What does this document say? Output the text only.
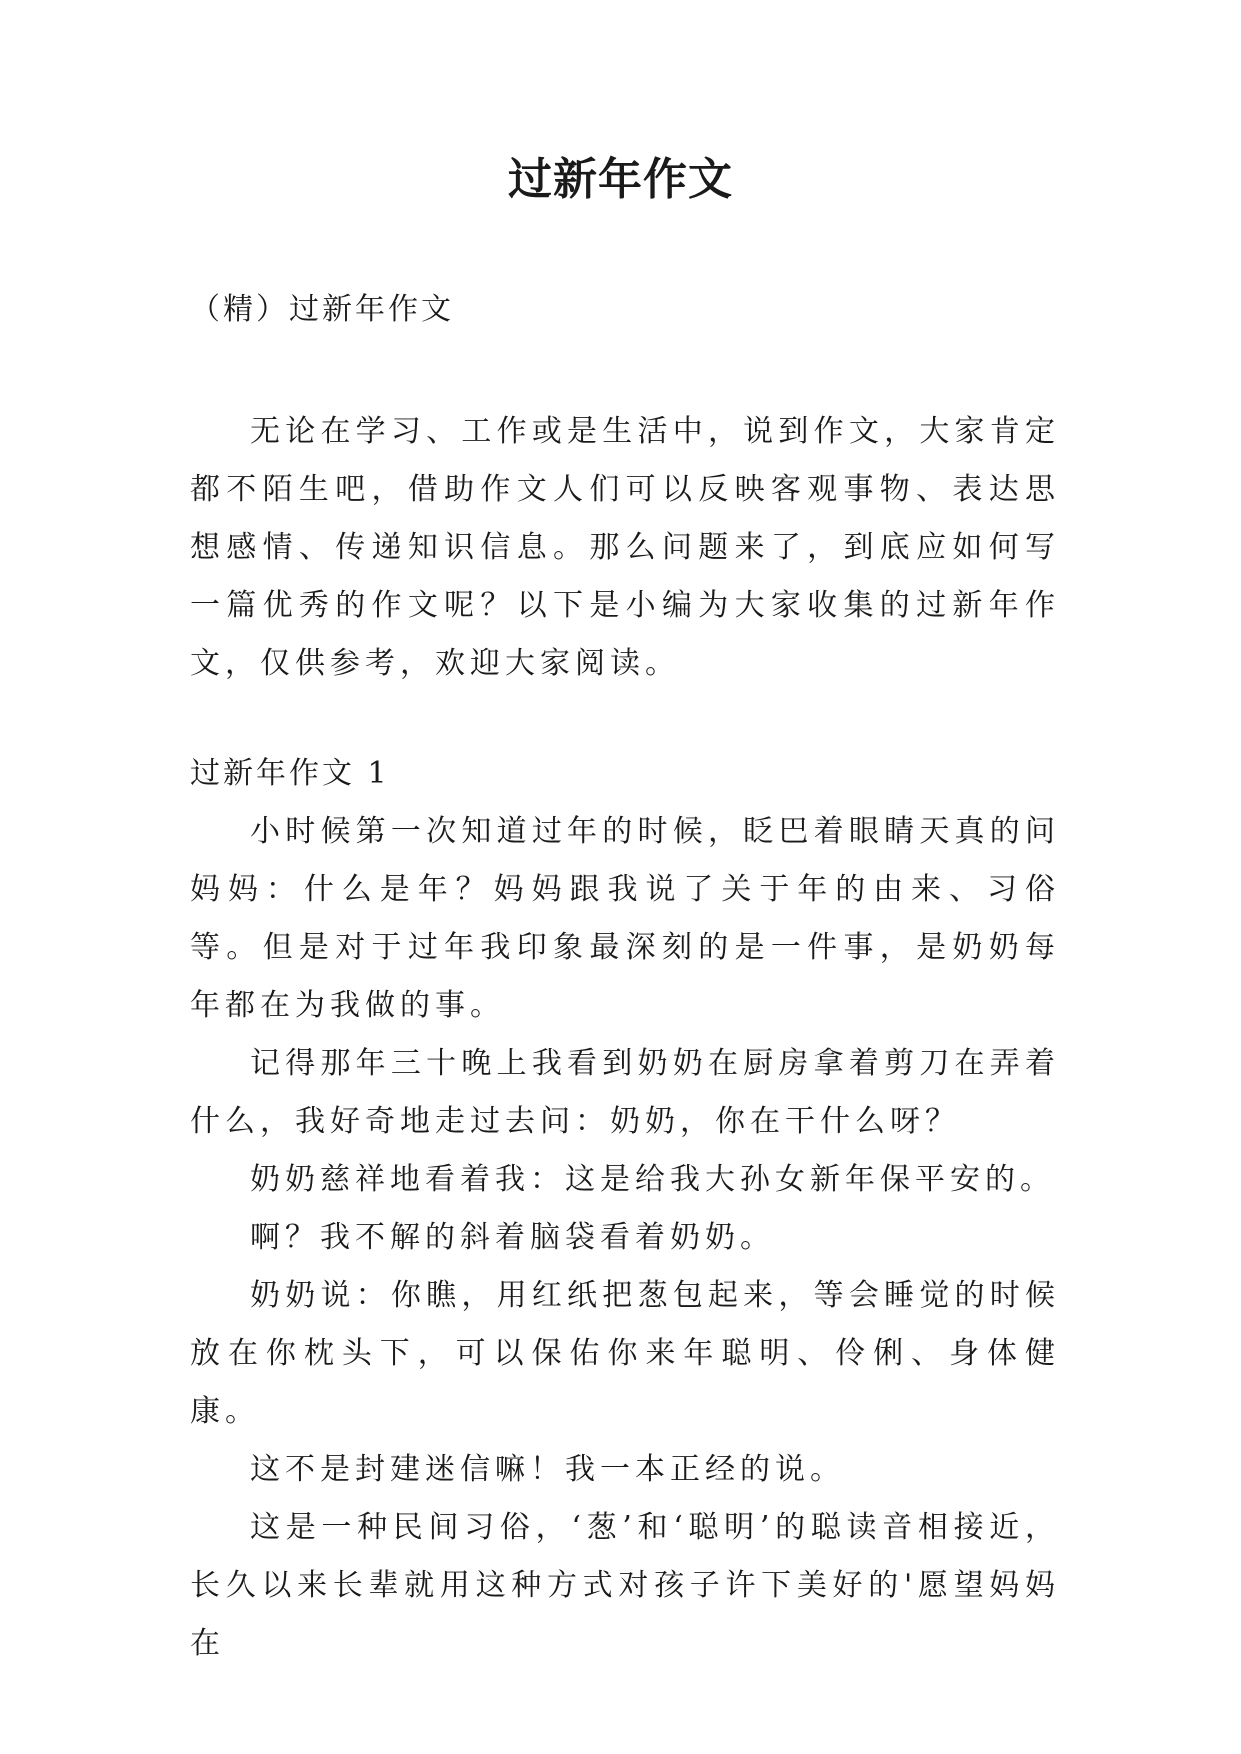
过新年作文
（精）过新年作文

无论在学习、工作或是生活中，说到作文，大家肯定都不陌生吧，借助作文人们可以反映客观事物、表达思想感情、传递知识信息。那么问题来了，到底应如何写一篇优秀的作文呢？以下是小编为大家收集的过新年作文，仅供参考，欢迎大家阅读。

过新年作文 1

小时候第一次知道过年的时候，眨巴着眼睛天真的问妈妈：什么是年？妈妈跟我说了关于年的由来、习俗等。但是对于过年我印象最深刻的是一件事，是奶奶每年都在为我做的事。

记得那年三十晚上我看到奶奶在厨房拿着剪刀在弄着什么，我好奇地走过去问：奶奶，你在干什么呀？

奶奶慈祥地看着我：这是给我大孙女新年保平安的。

啊？我不解的斜着脑袋看着奶奶。

奶奶说：你瞧，用红纸把葱包起来，等会睡觉的时候放在你枕头下，可以保佑你来年聪明、伶俐、身体健康。

这不是封建迷信嘛！我一本正经的说。

这是一种民间习俗，‘葱’和‘聪明’的聪读音相接近，长久以来长辈就用这种方式对孩子许下美好的'愿望妈妈在
